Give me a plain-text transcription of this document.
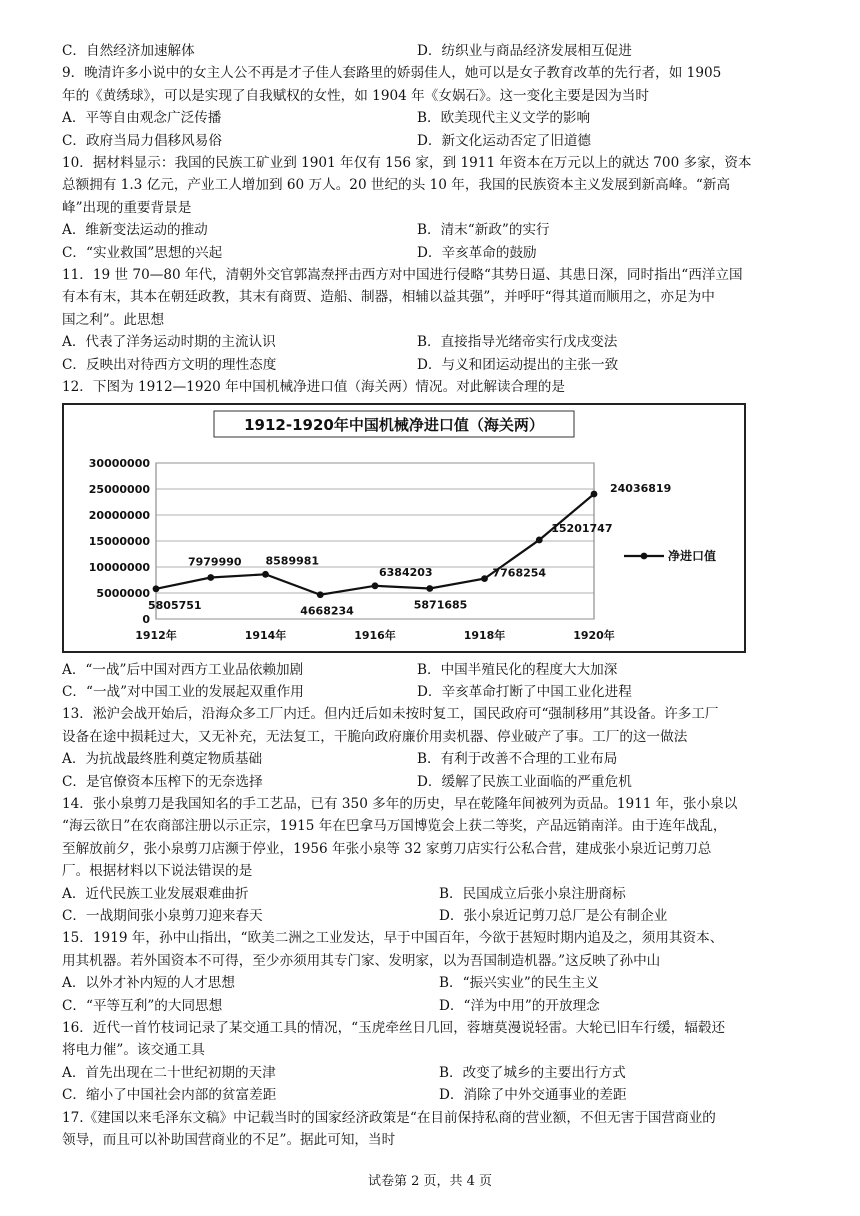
C．自然经济加速解体	D．纺织业与商品经济发展相互促进
9．晚清许多小说中的女主人公不再是才子佳人套路里的娇弱佳人，她可以是女子教育改革的先行者，如 1905
年的《黄绣球》，可以是实现了自我赋权的女性，如 1904 年《女娲石》。这一变化主要是因为当时
A．平等自由观念广泛传播	B．欧美现代主义文学的影响
C．政府当局力倡移风易俗	D．新文化运动否定了旧道德
10．据材料显示：我国的民族工矿业到 1901 年仅有 156 家，到 1911 年资本在万元以上的就达 700 多家，资本
总额拥有 1.3 亿元，产业工人增加到 60 万人。20 世纪的头 10 年，我国的民族资本主义发展到新高峰。“新高
峰”出现的重要背景是
A．维新变法运动的推动	B．清末“新政”的实行
C．“实业救国”思想的兴起	D．辛亥革命的鼓励
11．19 世 70—80 年代，清朝外交官郭嵩焘抨击西方对中国进行侵略“其势日逼、其患日深，同时指出“西洋立国
有本有末，其本在朝廷政教，其末有商贾、造船、制器，相辅以益其强”，并呼吁“得其道而顺用之，亦足为中
国之利”。此思想
A．代表了洋务运动时期的主流认识	B．直接指导光绪帝实行戊戌变法
C．反映出对待西方文明的理性态度	D．与义和团运动提出的主张一致
12．下图为 1912—1920 年中国机械净进口值（海关两）情况。对此解读合理的是
1912-1920年中国机械净进口值（海关两）
0
5000000
10000000
15000000
20000000
25000000
30000000
1912年	1914年	1916年	1918年	1920年
5805751
7979990 8589981
4668234
6384203
5871685
7768254
15201747
24036819
净进口值
A．“一战”后中国对西方工业品依赖加剧	B．中国半殖民化的程度大大加深
C．“一战”对中国工业的发展起双重作用	D．辛亥革命打断了中国工业化进程
13．淞沪会战开始后，沿海众多工厂内迁。但内迁后如未按时复工，国民政府可“强制移用”其设备。许多工厂
设备在途中损耗过大，又无补充，无法复工，干脆向政府廉价用卖机器、停业破产了事。工厂的这一做法
A．为抗战最终胜利奠定物质基础	B．有利于改善不合理的工业布局
C．是官僚资本压榨下的无奈选择	D．缓解了民族工业面临的严重危机
14．张小泉剪刀是我国知名的手工艺品，已有 350 多年的历史，早在乾隆年间被列为贡品。1911 年，张小泉以
“海云欲日”在农商部注册以示正宗，1915 年在巴拿马万国博览会上获二等奖，产品远销南洋。由于连年战乱，
至解放前夕，张小泉剪刀店濒于停业，1956 年张小泉等 32 家剪刀店实行公私合营，建成张小泉近记剪刀总
厂。根据材料以下说法错误的是
A．近代民族工业发展艰难曲折	B．民国成立后张小泉注册商标
C．一战期间张小泉剪刀迎来春天	D．张小泉近记剪刀总厂是公有制企业
15．1919 年，孙中山指出，“欧美二洲之工业发达，早于中国百年，今欲于甚短时期内追及之，须用其资本、
用其机器。若外国资本不可得，至少亦须用其专门家、发明家，以为吾国制造机器。”这反映了孙中山
A．以外才补内短的人才思想	B．“振兴实业”的民生主义
C．“平等互利”的大同思想	D．“洋为中用”的开放理念
16．近代一首竹枝词记录了某交通工具的情况，“玉虎牵丝日几回，蓉塘莫漫说轻雷。大轮已旧车行缓，辐毂还
将电力催”。该交通工具
A．首先出现在二十世纪初期的天津	B．改变了城乡的主要出行方式
C．缩小了中国社会内部的贫富差距	D．消除了中外交通事业的差距
17.《建国以来毛泽东文稿》中记载当时的国家经济政策是“在目前保持私商的营业额，不但无害于国营商业的
领导，而且可以补助国营商业的不足”。据此可知，当时
试卷第 2 页，共 4 页
